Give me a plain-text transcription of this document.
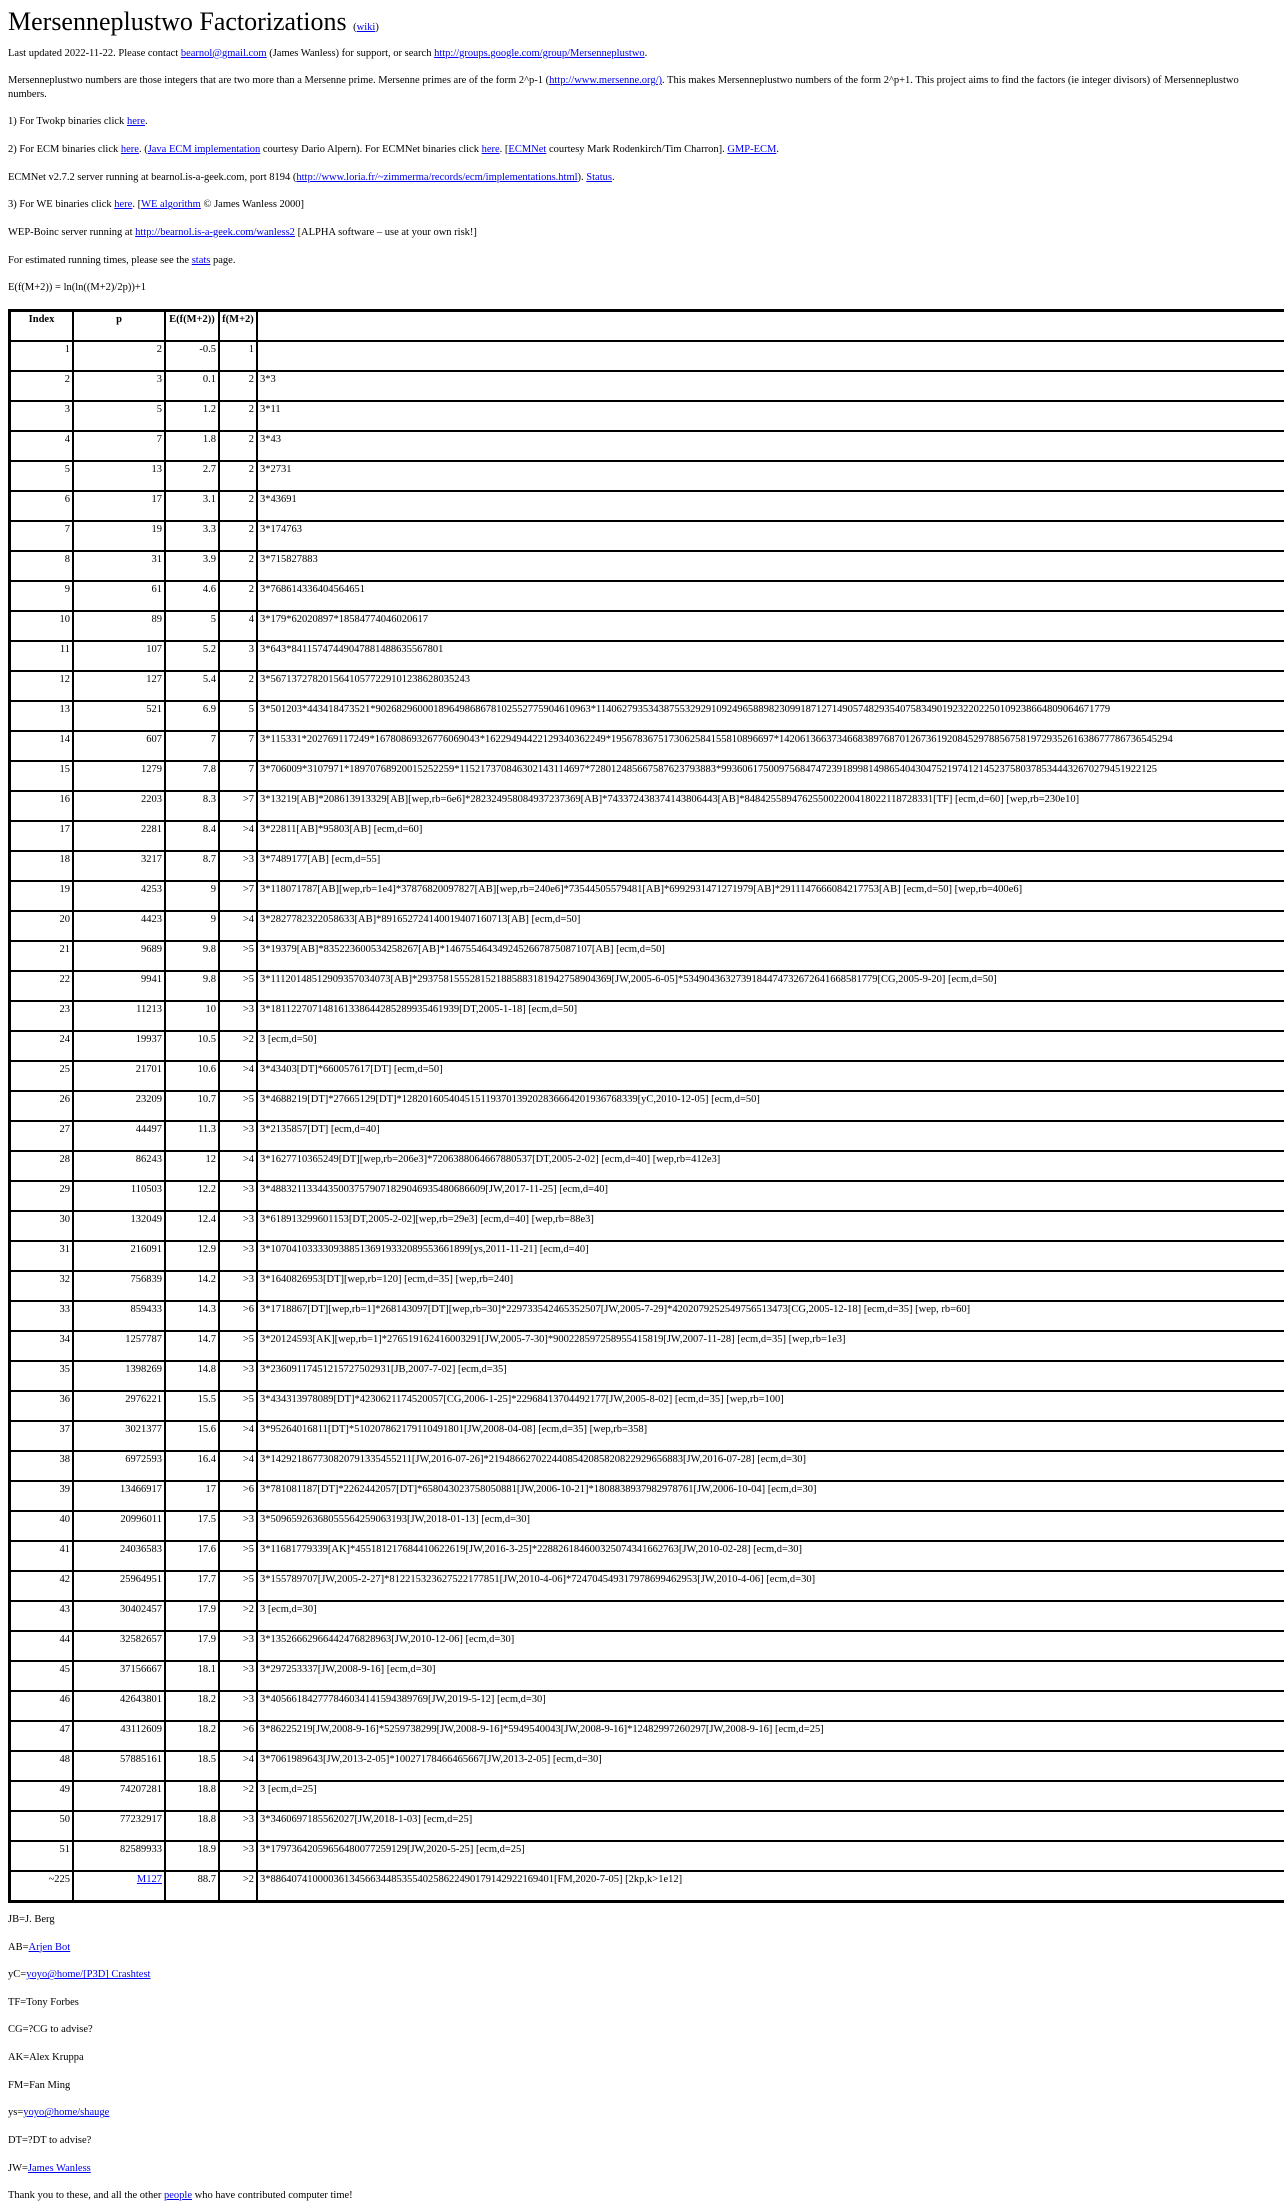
Mersenneplustwo Factorizations (wiki)

Last updated 2022-11-22. Please contact bearnol@gmail.com (James Wanless) for support, or search http://groups.google.com/group/Mersenneplustwo.

Mersenneplustwo numbers are those integers that are two more than a Mersenne prime. Mersenne primes are of the form 2^p-1 (http://www.mersenne.org/). This makes Mersenneplustwo numbers of the form 2^p+1. This project aims to find the factors (ie integer divisors) of Mersenneplustwo numbers.

1) For Twokp binaries click here.

2) For ECM binaries click here. (Java ECM implementation courtesy Dario Alpern). For ECMNet binaries click here. [ECMNet courtesy Mark Rodenkirch/Tim Charron]. GMP-ECM.

ECMNet v2.7.2 server running at bearnol.is-a-geek.com, port 8194 (http://www.loria.fr/~zimmerma/records/ecm/implementations.html). Status.

3) For WE binaries click here. [WE algorithm © James Wanless 2000]

WEP-Boinc server running at http://bearnol.is-a-geek.com/wanless2 [ALPHA software – use at your own risk!]

For estimated running times, please see the stats page.

E(f(M+2)) = ln(ln((M+2)/2p))+1

Index	p	E(f(M+2))	f(M+2)	
1	2	-0.5	1	
2	3	0.1	2	3*3
3	5	1.2	2	3*11
4	7	1.8	2	3*43
5	13	2.7	2	3*2731
6	17	3.1	2	3*43691
7	19	3.3	2	3*174763
8	31	3.9	2	3*715827883
9	61	4.6	2	3*768614336404564651
10	89	5	4	3*179*62020897*18584774046020617
11	107	5.2	3	3*643*84115747449047881488635567801
12	127	5.4	2	3*56713727820156410577229101238628035243
13	521	6.9	5	3*501203*4434184735​21*9026829600018964986867810255277590461096​3*11406279353438755329291092496588982309918712714905748293540758349019232202250109238664809064671779
14	607	7	7	3*115331*202769117249*16780869326776069043*16229494422129340362249*19567836751730625841558108966​97*142061366373466838976870126736192084529788567581972935261638677786736545294​
15	1279	7.8	7	3*706009*3107971*18970768920015252259*11521737084630214311469​7*7280124856675876237938​83*993606175009756847472391899814986540430475219741214523758037853444326702794519221​25
16	2203	8.3	>7	3*13219[AB]*208613913329[AB][wep,rb=6e6]*28232495808493​7237369[AB]*74337243837414380644​3[AB]*84842558947625500220041802211872833​1[TF] [ecm,d=60] [wep,rb=230e10]
17	2281	8.4	>4	3*22811[AB]*95803[AB] [ecm,d=60]
18	3217	8.7	>3	3*7489177[AB] [ecm,d=55]
19	4253	9	>7	3*118071787[AB][wep,rb=1e4]*37876820097827[AB][wep,rb=240e6]*73544505579481[AB]*6992931471271979[AB]*2911147666084217753[AB] [ecm,d=50] [wep,rb=400e6]
20	4423	9	>4	3*28277823220586​33[AB]*891652724140019407160713[AB] [ecm,d=50]
21	9689	9.8	>5	3*19379[AB]*835223600534258267[AB]*146755464349245266787508710​7[AB] [ecm,d=50]
22	9941	9.8	>5	3*111201485129093570340​73[AB]*293758155528152188588318194275890436​9[JW,2005-6-05]*534904363273918447473267264166858177​9[CG,2005-9-20] [ecm,d=50]
23	11213	10	>3	3*181122707148161338644285289935461939[DT,2005-1-18] [ecm,d=50]
24	19937	10.5	>2	3 [ecm,d=50]
25	21701	10.6	>4	3*43403[DT]*660057617[DT] [ecm,d=50]
26	23209	10.7	>5	3*4688219[DT]*27665129[DT]*128201605404515119370139202836664201936768339[yC,2010-12-05] [ecm,d=50]
27	44497	11.3	>3	3*2135857[DT] [ecm,d=40]
28	86243	12	>4	3*1627710365249[DT][wep,rb=206e3]*720638806466788​0537[DT,2005-2-02] [ecm,d=40] [wep,rb=412e3]
29	110503	12.2	>3	3*488321133443500375790718290469354806866​09[JW,2017-11-25] [ecm,d=40]
30	132049	12.4	>3	3*618913299601153[DT,2005-2-02][wep,rb=29e3] [ecm,d=40] [wep,rb=88e3]
31	216091	12.9	>3	3*107041033330938851369193320895536618​99[ys,2011-11-21] [ecm,d=40]
32	756839	14.2	>3	3*1640826953[DT][wep,rb=120] [ecm,d=35] [wep,rb=240]
33	859433	14.3	>6	3*1718867[DT][wep,rb=1]*268143097[DT][wep,rb=30]*229733542465352507[JW,2005-7-29]*4202079252549756513473[CG,2005-12-18] [ecm,d=35] [wep, rb=60]
34	1257787	14.7	>5	3*20124593[AK][wep,rb=1]*27651916241600329​1[JW,2005-7-30]*900228597258955415819[JW,2007-11-28] [ecm,d=35] [wep,rb=1e3]
35	1398269	14.8	>3	3*2360911745121572750293​1[JB,2007-7-02] [ecm,d=35]
36	2976221	15.5	>5	3*434313978089[DT]*4230621174520057[CG,2006-1-25]*22968413704492177[JW,2005-8-02] [ecm,d=35] [wep,rb=100]
37	3021377	15.6	>4	3*95264016811[DT]*510207862179110491801[JW,2008-04-08] [ecm,d=35] [wep,rb=358]
38	6972593	16.4	>4	3*1429218677308207913354552​11[JW,2016-07-26]*219486627022440854208582082292965688​3[JW,2016-07-28] [ecm,d=30]
39	13466917	17	>6	3*781081187[DT]*2262442057[DT]*658043023758050881[JW,2006-10-21]*180883893798297876​1[JW,2006-10-04] [ecm,d=30]
40	20996011	17.5	>3	3*509659263680555642590631​93[JW,2018-01-13] [ecm,d=30]
41	24036583	17.6	>5	3*11681779339[AK]*455181217684410622619[JW,2016-3-25]*228826184600325074341662763[JW,2010-02-28] [ecm,d=30]
42	25964951	17.7	>5	3*155789707[JW,2005-2-27]*812215323627522177851[JW,2010-4-06]*724704549317978699462953[JW,2010-4-06] [ecm,d=30]
43	30402457	17.9	>2	3 [ecm,d=30]
44	32582657	17.9	>3	3*135266629664424768289​63[JW,2010-12-06] [ecm,d=30]
45	37156667	18.1	>3	3*297253337[JW,2008-9-16] [ecm,d=30]
46	42643801	18.2	>3	3*405661842777846034141594389769[JW,2019-5-12] [ecm,d=30]
47	43112609	18.2	>6	3*86225219[JW,2008-9-16]*5259738299[JW,2008-9-16]*5949540043[JW,2008-9-16]*12482997260297[JW,2008-9-16] [ecm,d=25]
48	57885161	18.5	>4	3*7061989643[JW,2013-2-05]*100271784664656​67[JW,2013-2-05] [ecm,d=30]
49	74207281	18.8	>2	3 [ecm,d=25]
50	77232917	18.8	>3	3*3460697185562027[JW,2018-1-03] [ecm,d=25]
51	82589933	18.9	>3	3*1797364205965648007725912​9[JW,2020-5-25] [ecm,d=25]
~225	M127	88.7	>2	3*886407410000361345663448535540258622490179142922169401[FM,2020-7-05] [2kp,k>1e12]

JB=J. Berg

AB=Arjen Bot

yC=yoyo@home/[P3D] Crashtest

TF=Tony Forbes

CG=?CG to advise?

AK=Alex Kruppa

FM=Fan Ming

ys=yoyo@home/shauge

DT=?DT to advise?

JW=James Wanless

Thank you to these, and all the other people who have contributed computer time!
